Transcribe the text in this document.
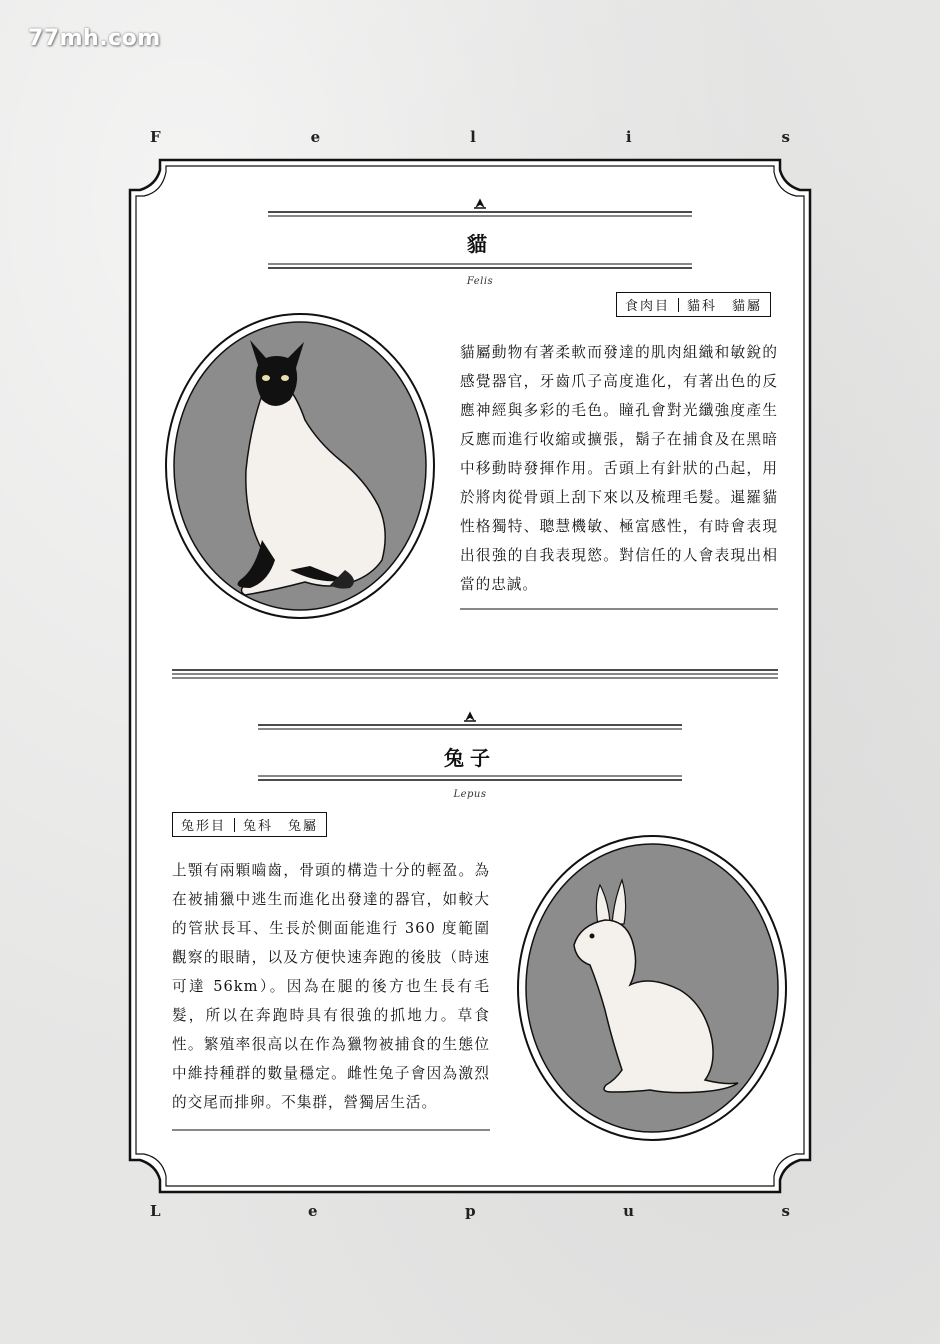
77mh.com
F	e	l	i	s
L	e	p	u	s
貓
Felis
食肉目 貓科　貓屬
貓屬動物有著柔軟而發達的肌肉組織和敏銳的感覺器官，牙齒爪子高度進化，有著出色的反應神經與多彩的毛色。瞳孔會對光纖強度產生反應而進行收縮或擴張，鬍子在捕食及在黑暗中移動時發揮作用。舌頭上有針狀的凸起，用於將肉從骨頭上刮下來以及梳理毛髮。暹羅貓性格獨特、聰慧機敏、極富感性，有時會表現出很強的自我表現慾。對信任的人會表現出相當的忠誠。
兔子
Lepus
兔形目 兔科　兔屬
上顎有兩顆嚙齒，骨頭的構造十分的輕盈。為在被捕獵中逃生而進化出發達的器官，如較大的管狀長耳、生長於側面能進行 360 度範圍觀察的眼睛，以及方便快速奔跑的後肢（時速可達 56km）。因為在腿的後方也生長有毛髮，所以在奔跑時具有很強的抓地力。草食性。繁殖率很高以在作為獵物被捕食的生態位中維持種群的數量穩定。雌性兔子會因為激烈的交尾而排卵。不集群，營獨居生活。
